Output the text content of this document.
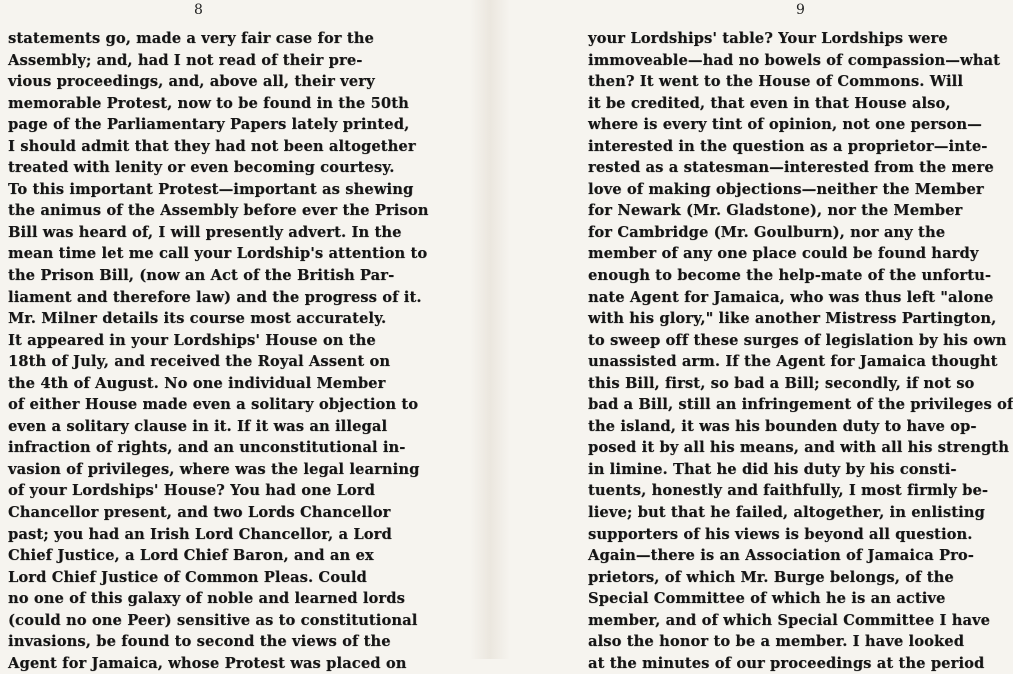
8
statements go, made a very fair case for the
Assembly; and, had I not read of their pre-
vious proceedings, and, above all, their very
memorable Protest, now to be found in the 50th
page of the Parliamentary Papers lately printed,
I should admit that they had not been altogether
treated with lenity or even becoming courtesy.
To this important Protest—important as shewing
the animus of the Assembly before ever the Prison
Bill was heard of, I will presently advert. In the
mean time let me call your Lordship's attention to
the Prison Bill, (now an Act of the British Par-
liament and therefore law) and the progress of it.
Mr. Milner details its course most accurately.
It appeared in your Lordships' House on the
18th of July, and received the Royal Assent on
the 4th of August. No one individual Member
of either House made even a solitary objection to
even a solitary clause in it. If it was an illegal
infraction of rights, and an unconstitutional in-
vasion of privileges, where was the legal learning
of your Lordships' House? You had one Lord
Chancellor present, and two Lords Chancellor
past; you had an Irish Lord Chancellor, a Lord
Chief Justice, a Lord Chief Baron, and an ex
Lord Chief Justice of Common Pleas. Could
no one of this galaxy of noble and learned lords
(could no one Peer) sensitive as to constitutional
invasions, be found to second the views of the
Agent for Jamaica, whose Protest was placed on
9
your Lordships' table? Your Lordships were
immoveable—had no bowels of compassion—what
then? It went to the House of Commons. Will
it be credited, that even in that House also,
where is every tint of opinion, not one person—
interested in the question as a proprietor—inte-
rested as a statesman—interested from the mere
love of making objections—neither the Member
for Newark (Mr. Gladstone), nor the Member
for Cambridge (Mr. Goulburn), nor any the
member of any one place could be found hardy
enough to become the help-mate of the unfortu-
nate Agent for Jamaica, who was thus left "alone
with his glory," like another Mistress Partington,
to sweep off these surges of legislation by his own
unassisted arm. If the Agent for Jamaica thought
this Bill, first, so bad a Bill; secondly, if not so
bad a Bill, still an infringement of the privileges of
the island, it was his bounden duty to have op-
posed it by all his means, and with all his strength
in limine. That he did his duty by his consti-
tuents, honestly and faithfully, I most firmly be-
lieve; but that he failed, altogether, in enlisting
supporters of his views is beyond all question.
Again—there is an Association of Jamaica Pro-
prietors, of which Mr. Burge belongs, of the
Special Committee of which he is an active
member, and of which Special Committee I have
also the honor to be a member. I have looked
at the minutes of our proceedings at the period
